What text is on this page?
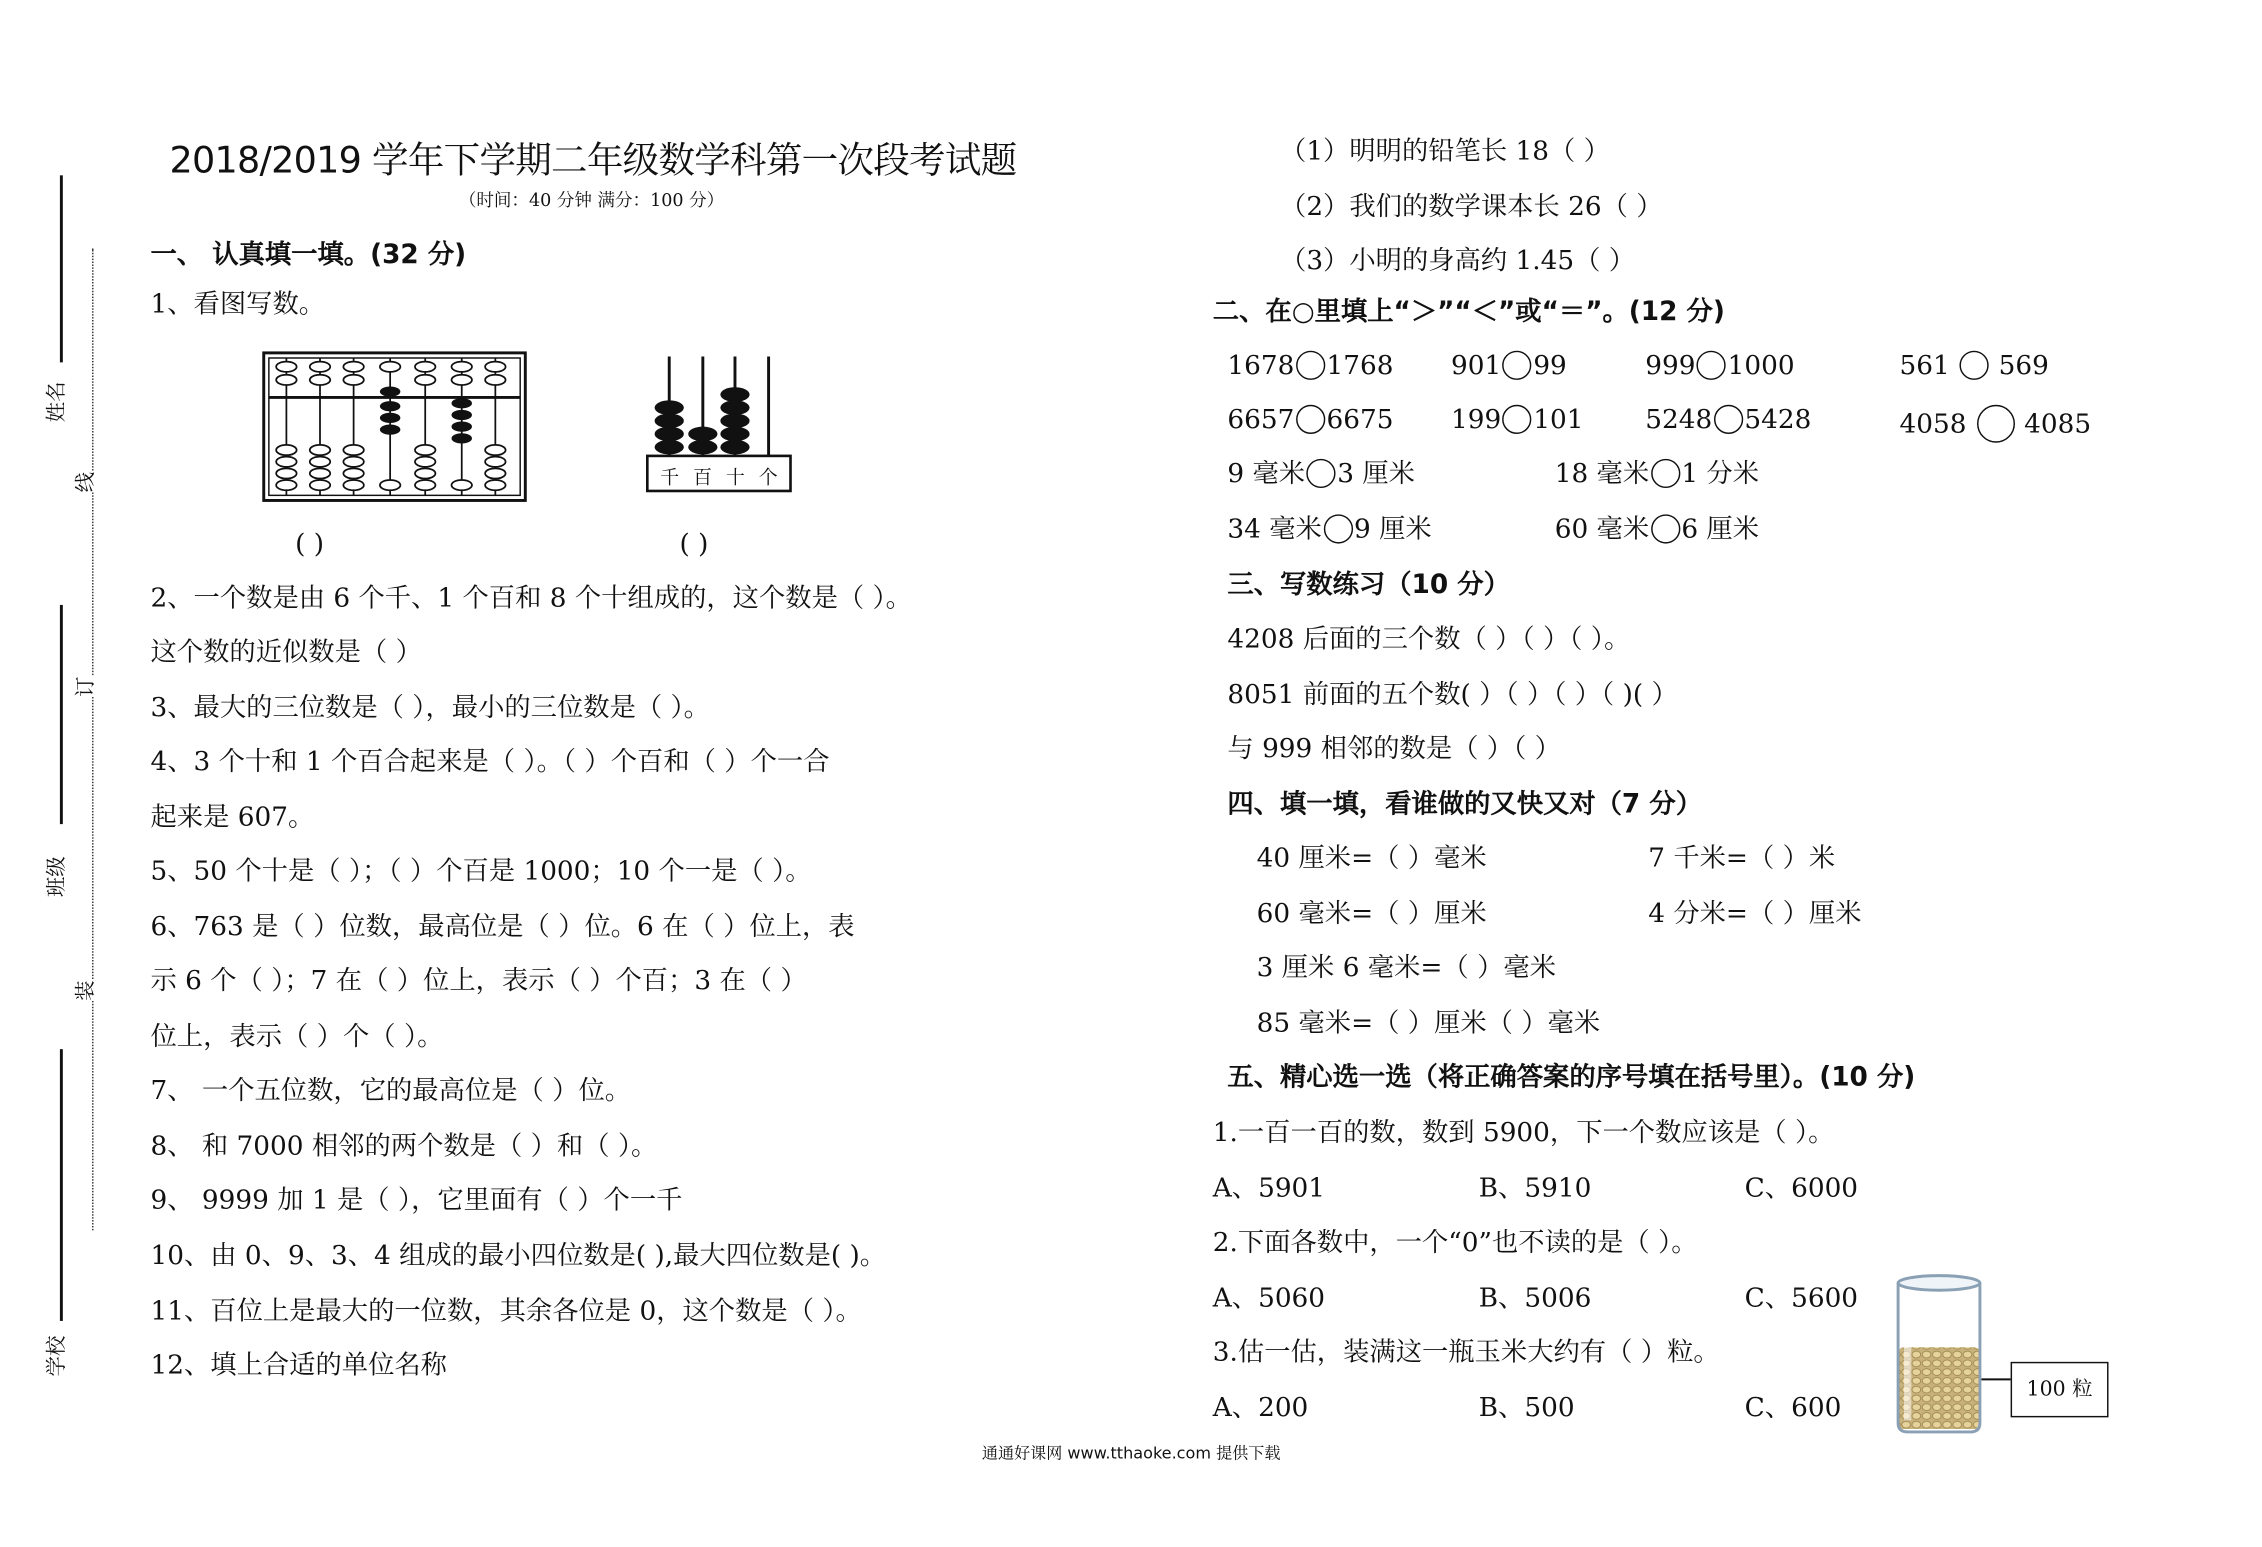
姓名
线
订
班级
装
学校
2018/2019 学年下学期二年级数学科第一次段考试题
（时间：40 分钟 满分：100 分）
一、 认真填一填。(32 分)
1、看图写数。
千 百 十 个
( )	( )
2、一个数是由 6 个千、1 个百和 8 个十组成的，这个数是（ ）。
这个数的近似数是（ ）
3、最大的三位数是（ ），最小的三位数是（ ）。
4、3 个十和 1 个百合起来是（ ）。（ ）个百和（ ）个一合
起来是 607。
5、50 个十是（ ）；（ ）个百是 1000；10 个一是（ ）。
6、763 是（ ）位数，最高位是（ ）位。6 在（ ）位上，表
示 6 个（ ）；7 在（ ）位上，表示（ ）个百；3 在（ ）
位上，表示（ ）个（ ）。
7、 一个五位数，它的最高位是（ ）位。
8、 和 7000 相邻的两个数是（ ）和（ ）。
9、 9999 加 1 是（ ），它里面有（ ）个一千
10、由 0、9、3、4 组成的最小四位数是( ),最大四位数是( )。
11、百位上是最大的一位数，其余各位是 0，这个数是（ ）。
12、填上合适的单位名称
（1）明明的铅笔长 18（ ）
（2）我们的数学课本长 26（ ）
（3）小明的身高约 1.45（ ）
二、在○里填上“＞”“＜”或“＝”。(12 分)
1678 1768	901 99	999 1000	561	569
6657 6675	199 101	5248 5428	4058	4085
9 毫米 3 厘米	18 毫米 1 分米
34 毫米 9 厘米	60 毫米 6 厘米
三、写数练习（10 分）
4208 后面的三个数（ ）（ ）（ ）。
8051 前面的五个数( ）（ ）（ ）（ )( ）
与 999 相邻的数是（ ）（ ）
四、填一填，看谁做的又快又对（7 分）
40 厘米=（ ）毫米	7 千米=（ ）米
60 毫米=（ ）厘米	4 分米=（ ）厘米
3 厘米 6 毫米=（ ）毫米
85 毫米=（ ）厘米（ ）毫米
五、精心选一选（将正确答案的序号填在括号里）。(10 分)
1.一百一百的数，数到 5900，下一个数应该是（ ）。
A、5901	B、5910	C、6000
2.下面各数中，一个“0”也不读的是（ ）。
A、5060	B、5006	C、5600
3.估一估，装满这一瓶玉米大约有（ ）粒。
A、200	B、500	C、600
100 粒
通通好课网 www.tthaoke.com 提供下载
